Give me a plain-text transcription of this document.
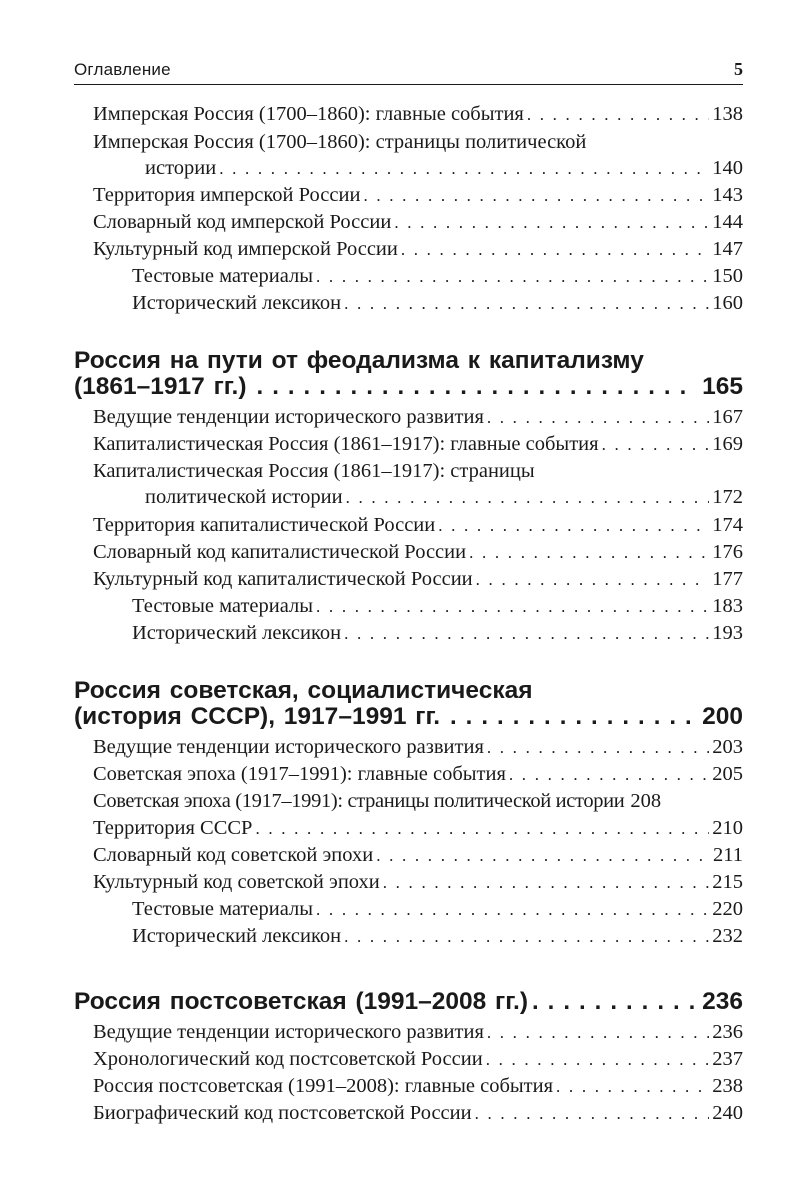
Оглавление	5
Имперская Россия (1700–1860): главные события . . .	138
Имперская Россия (1700–1860): страницы политической
истории . . .	140
Территория имперской России . . .	143
Словарный код имперской России . . .	144
Культурный код имперской России . . .	147
Тестовые материалы . . .	150
Исторический лексикон . . .	160
Россия на пути от феодализма к капитализму
(1861–1917 гг.) .....	165
Ведущие тенденции исторического развития . . .	167
Капиталистическая Россия (1861–1917): главные события . . .	169
Капиталистическая Россия (1861–1917): страницы
политической истории . . .	172
Территория капиталистической России . . .	174
Словарный код капиталистической России . . .	176
Культурный код капиталистической России . . .	177
Тестовые материалы . . .	183
Исторический лексикон . . .	193
Россия советская, социалистическая
(история СССР), 1917–1991 гг. .....	200
Ведущие тенденции исторического развития . . .	203
Советская эпоха (1917–1991): главные события . . .	205
Советская эпоха (1917–1991): страницы политической истории 208
Территория СССР . . .	210
Словарный код советской эпохи . . .	211
Культурный код советской эпохи . . .	215
Тестовые материалы . . .	220
Исторический лексикон . . .	232
Россия постсоветская (1991–2008 гг.) .....	236
Ведущие тенденции исторического развития . . .	236
Хронологический код постсоветской России . . .	237
Россия постсоветская (1991–2008): главные события . . .	238
Биографический код постсоветской России . . .	240
